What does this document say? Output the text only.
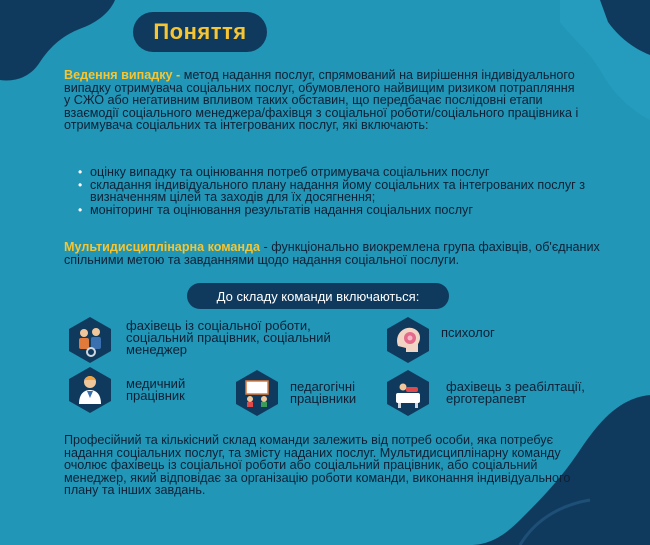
Поняття
Ведення випадку - метод надання послуг, спрямований на вирішення індивідуального випадку отримувача соціальних послуг, обумовленого найвищим ризиком потрапляння у СЖО або негативним впливом таких обставин, що передбачає послідовні етапи взаємодії соціального менеджера/фахівця з соціальної роботи/соціального працівника і отримувача соціальних та інтегрованих послуг, які включають:
• оцінку випадку та оцінювання потреб отримувача соціальних послуг
• складання індивідуального плану надання йому соціальних та інтегрованих послуг з визначенням цілей та заходів для їх досягнення;
• моніторинг та оцінювання результатів надання соціальних послуг
Мультидисциплінарна команда - функціонально виокремлена група фахівців, об'єднаних спільними метою та завданнями щодо надання соціальної послуги.
До складу команди включаються:
фахівець із соціальної роботи, соціальний працівник, соціальний менеджер
психолог
медичний працівник
педагогічні працівники
фахівець з реабілтації, ерготерапевт
Професійний та кількісний склад команди залежить від потреб особи, яка потребує надання соціальних послуг, та змісту наданих послуг. Мультидисциплінарну команду очолює фахівець із соціальної роботи або соціальний працівник, або соціальний менеджер, який відповідає за організацію роботи команди, виконання індивідуального плану та інших завдань.
